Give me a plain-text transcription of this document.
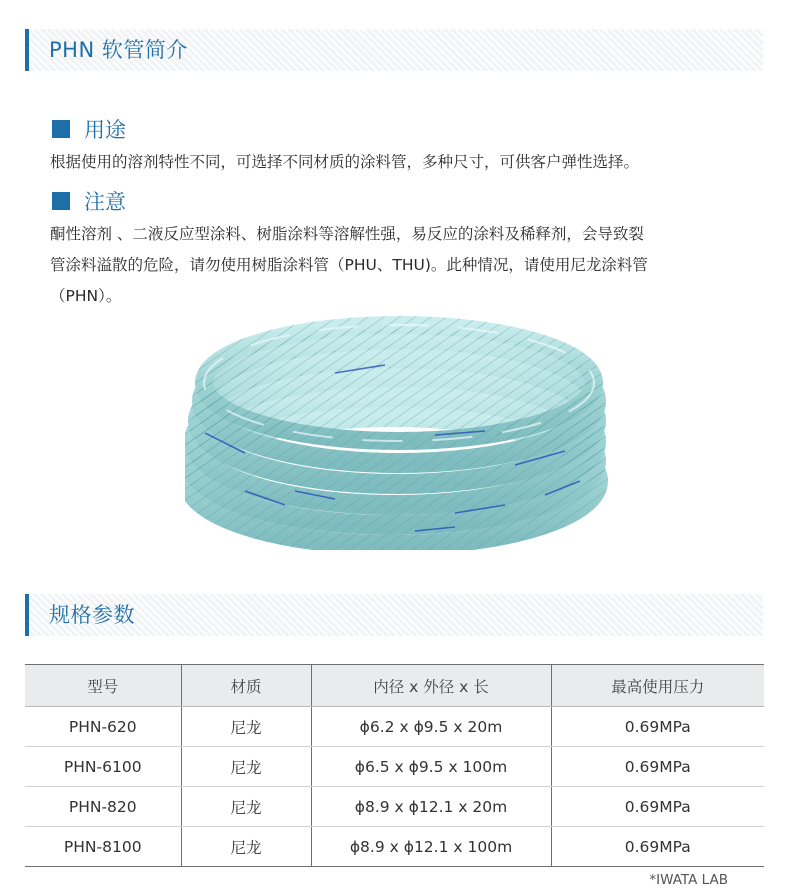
PHN 软管简介
用途
根据使用的溶剂特性不同，可选择不同材质的涂料管，多种尺寸，可供客户弹性选择。
注意
酮性溶剂 、二液反应型涂料、树脂涂料等溶解性强，易反应的涂料及稀释剂，会导致裂
管涂料溢散的危险，请勿使用树脂涂料管（PHU、THU)。此种情况，请使用尼龙涂料管
（PHN）。
规格参数
型号	材质	内径 x 外径 x 长	最高使用压力
PHN-620	尼龙	ϕ6.2 x ϕ9.5 x 20m	0.69MPa
PHN-6100	尼龙	ϕ6.5 x ϕ9.5 x 100m	0.69MPa
PHN-820	尼龙	ϕ8.9 x ϕ12.1 x 20m	0.69MPa
PHN-8100	尼龙	ϕ8.9 x ϕ12.1 x 100m	0.69MPa
*IWATA LAB
